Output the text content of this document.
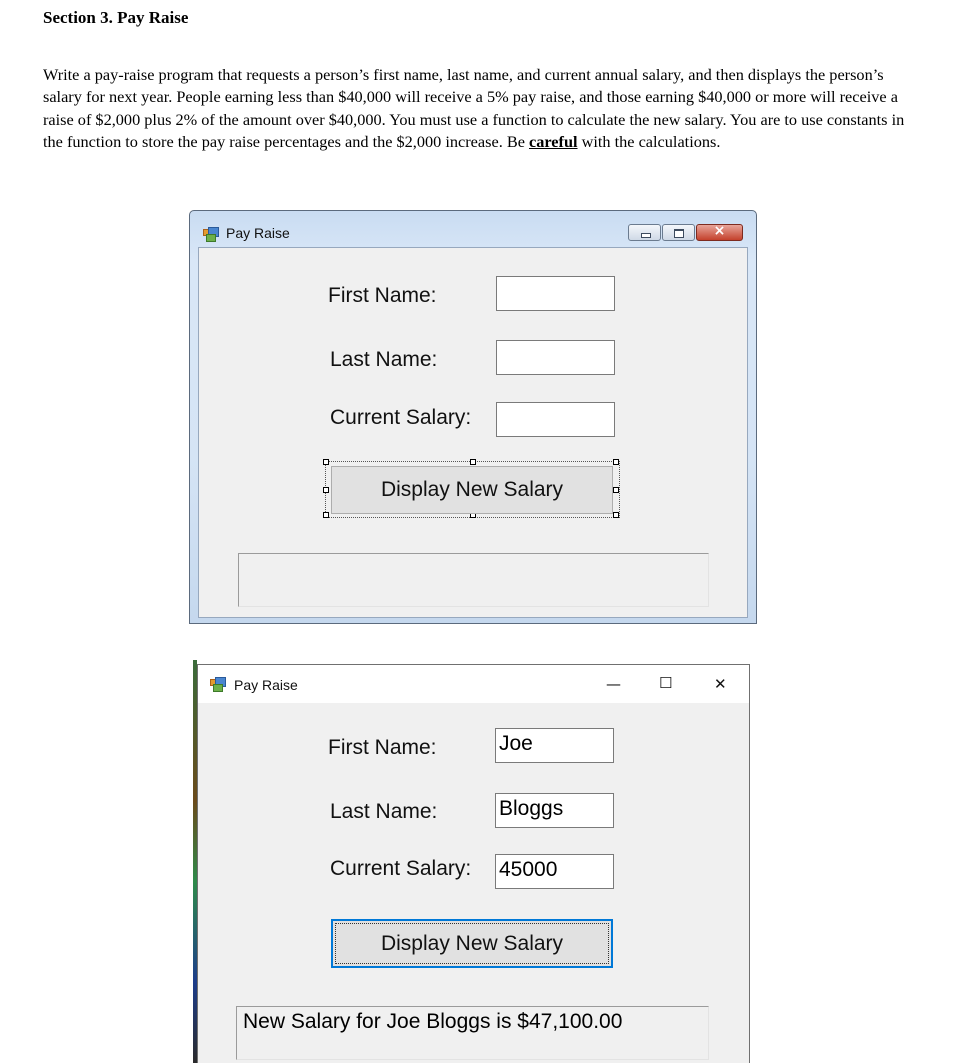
Section 3. Pay Raise
Write a pay-raise program that requests a person’s first name, last name, and current annual salary, and then displays the person’s salary for next year. People earning less than $40,000 will receive a 5% pay raise, and those earning $40,000 or more will receive a raise of $2,000 plus 2% of the amount over $40,000. You must use a function to calculate the new salary. You are to use constants in the function to store the pay raise percentages and the $2,000 increase. Be careful with the calculations.
Pay Raise	×
First Name:
Last Name:
Current Salary:
Display New Salary
Pay Raise	—	☐	✕
First Name:	Joe
Last Name:	Bloggs
Current Salary: 45000
Display New Salary
New Salary for Joe Bloggs is $47,100.00
